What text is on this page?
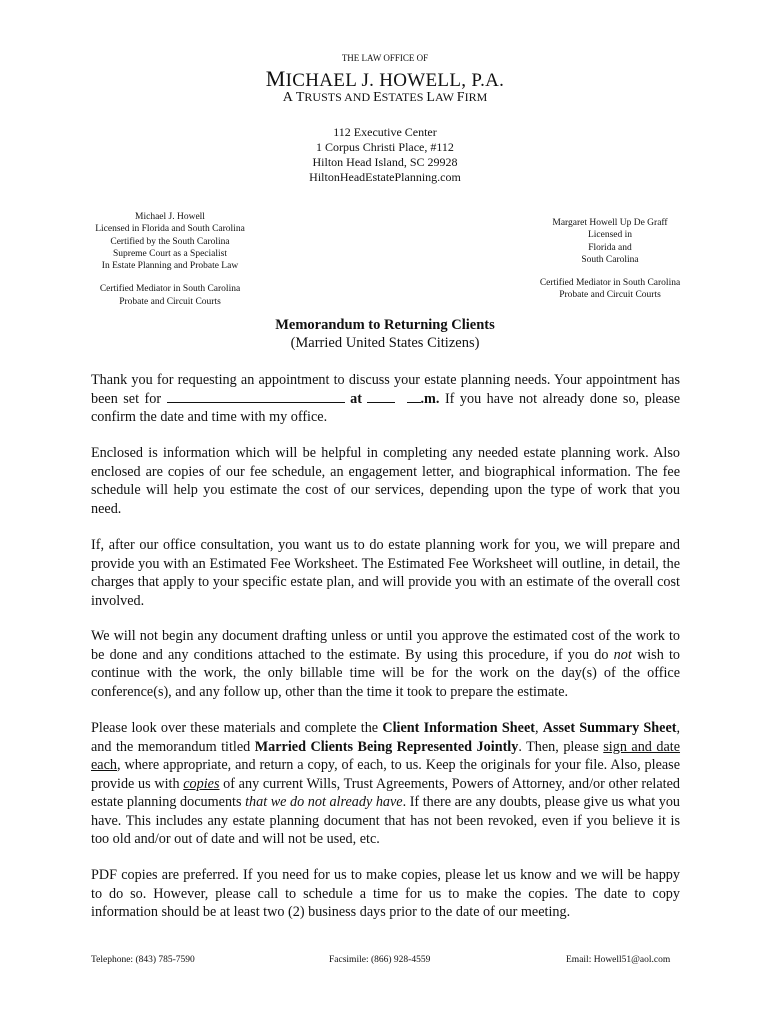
THE LAW OFFICE OF
MICHAEL J. HOWELL, P.A.
A TRUSTS AND ESTATES LAW FIRM
112 Executive Center
1 Corpus Christi Place, #112
Hilton Head Island, SC 29928
HiltonHeadEstatePlanning.com
Michael J. Howell
Licensed in Florida and South Carolina
Certified by the South Carolina
Supreme Court as a Specialist
In Estate Planning and Probate Law
Certified Mediator in South Carolina
Probate and Circuit Courts
Margaret Howell Up De Graff
Licensed in
Florida and
South Carolina
Certified Mediator in South Carolina
Probate and Circuit Courts
Memorandum to Returning Clients
(Married United States Citizens)

Thank you for requesting an appointment to discuss your estate planning needs. Your appointment has been set for	at	.m. If you have not already done so, please confirm the date and time with my office.

Enclosed is information which will be helpful in completing any needed estate planning work. Also enclosed are copies of our fee schedule, an engagement letter, and biographical information. The fee schedule will help you estimate the cost of our services, depending upon the type of work that you need.

If, after our office consultation, you want us to do estate planning work for you, we will prepare and provide you with an Estimated Fee Worksheet. The Estimated Fee Worksheet will outline, in detail, the charges that apply to your specific estate plan, and will provide you with an estimate of the overall cost involved.

We will not begin any document drafting unless or until you approve the estimated cost of the work to be done and any conditions attached to the estimate. By using this procedure, if you do not wish to continue with the work, the only billable time will be for the work on the day(s) of the office conference(s), and any follow up, other than the time it took to prepare the estimate.

Please look over these materials and complete the Client Information Sheet, Asset Summary Sheet, and the memorandum titled Married Clients Being Represented Jointly. Then, please sign and date each, where appropriate, and return a copy, of each, to us. Keep the originals for your file. Also, please provide us with copies of any current Wills, Trust Agreements, Powers of Attorney, and/or other related estate planning documents that we do not already have. If there are any doubts, please give us what you have. This includes any estate planning document that has not been revoked, even if you believe it is too old and/or out of date and will not be used, etc.

PDF copies are preferred. If you need for us to make copies, please let us know and we will be happy to do so. However, please call to schedule a time for us to make the copies. The date to copy information should be at least two (2) business days prior to the date of our meeting.

Telephone: (843) 785-7590	Facsimile: (866) 928-4559	Email: Howell51@aol.com
